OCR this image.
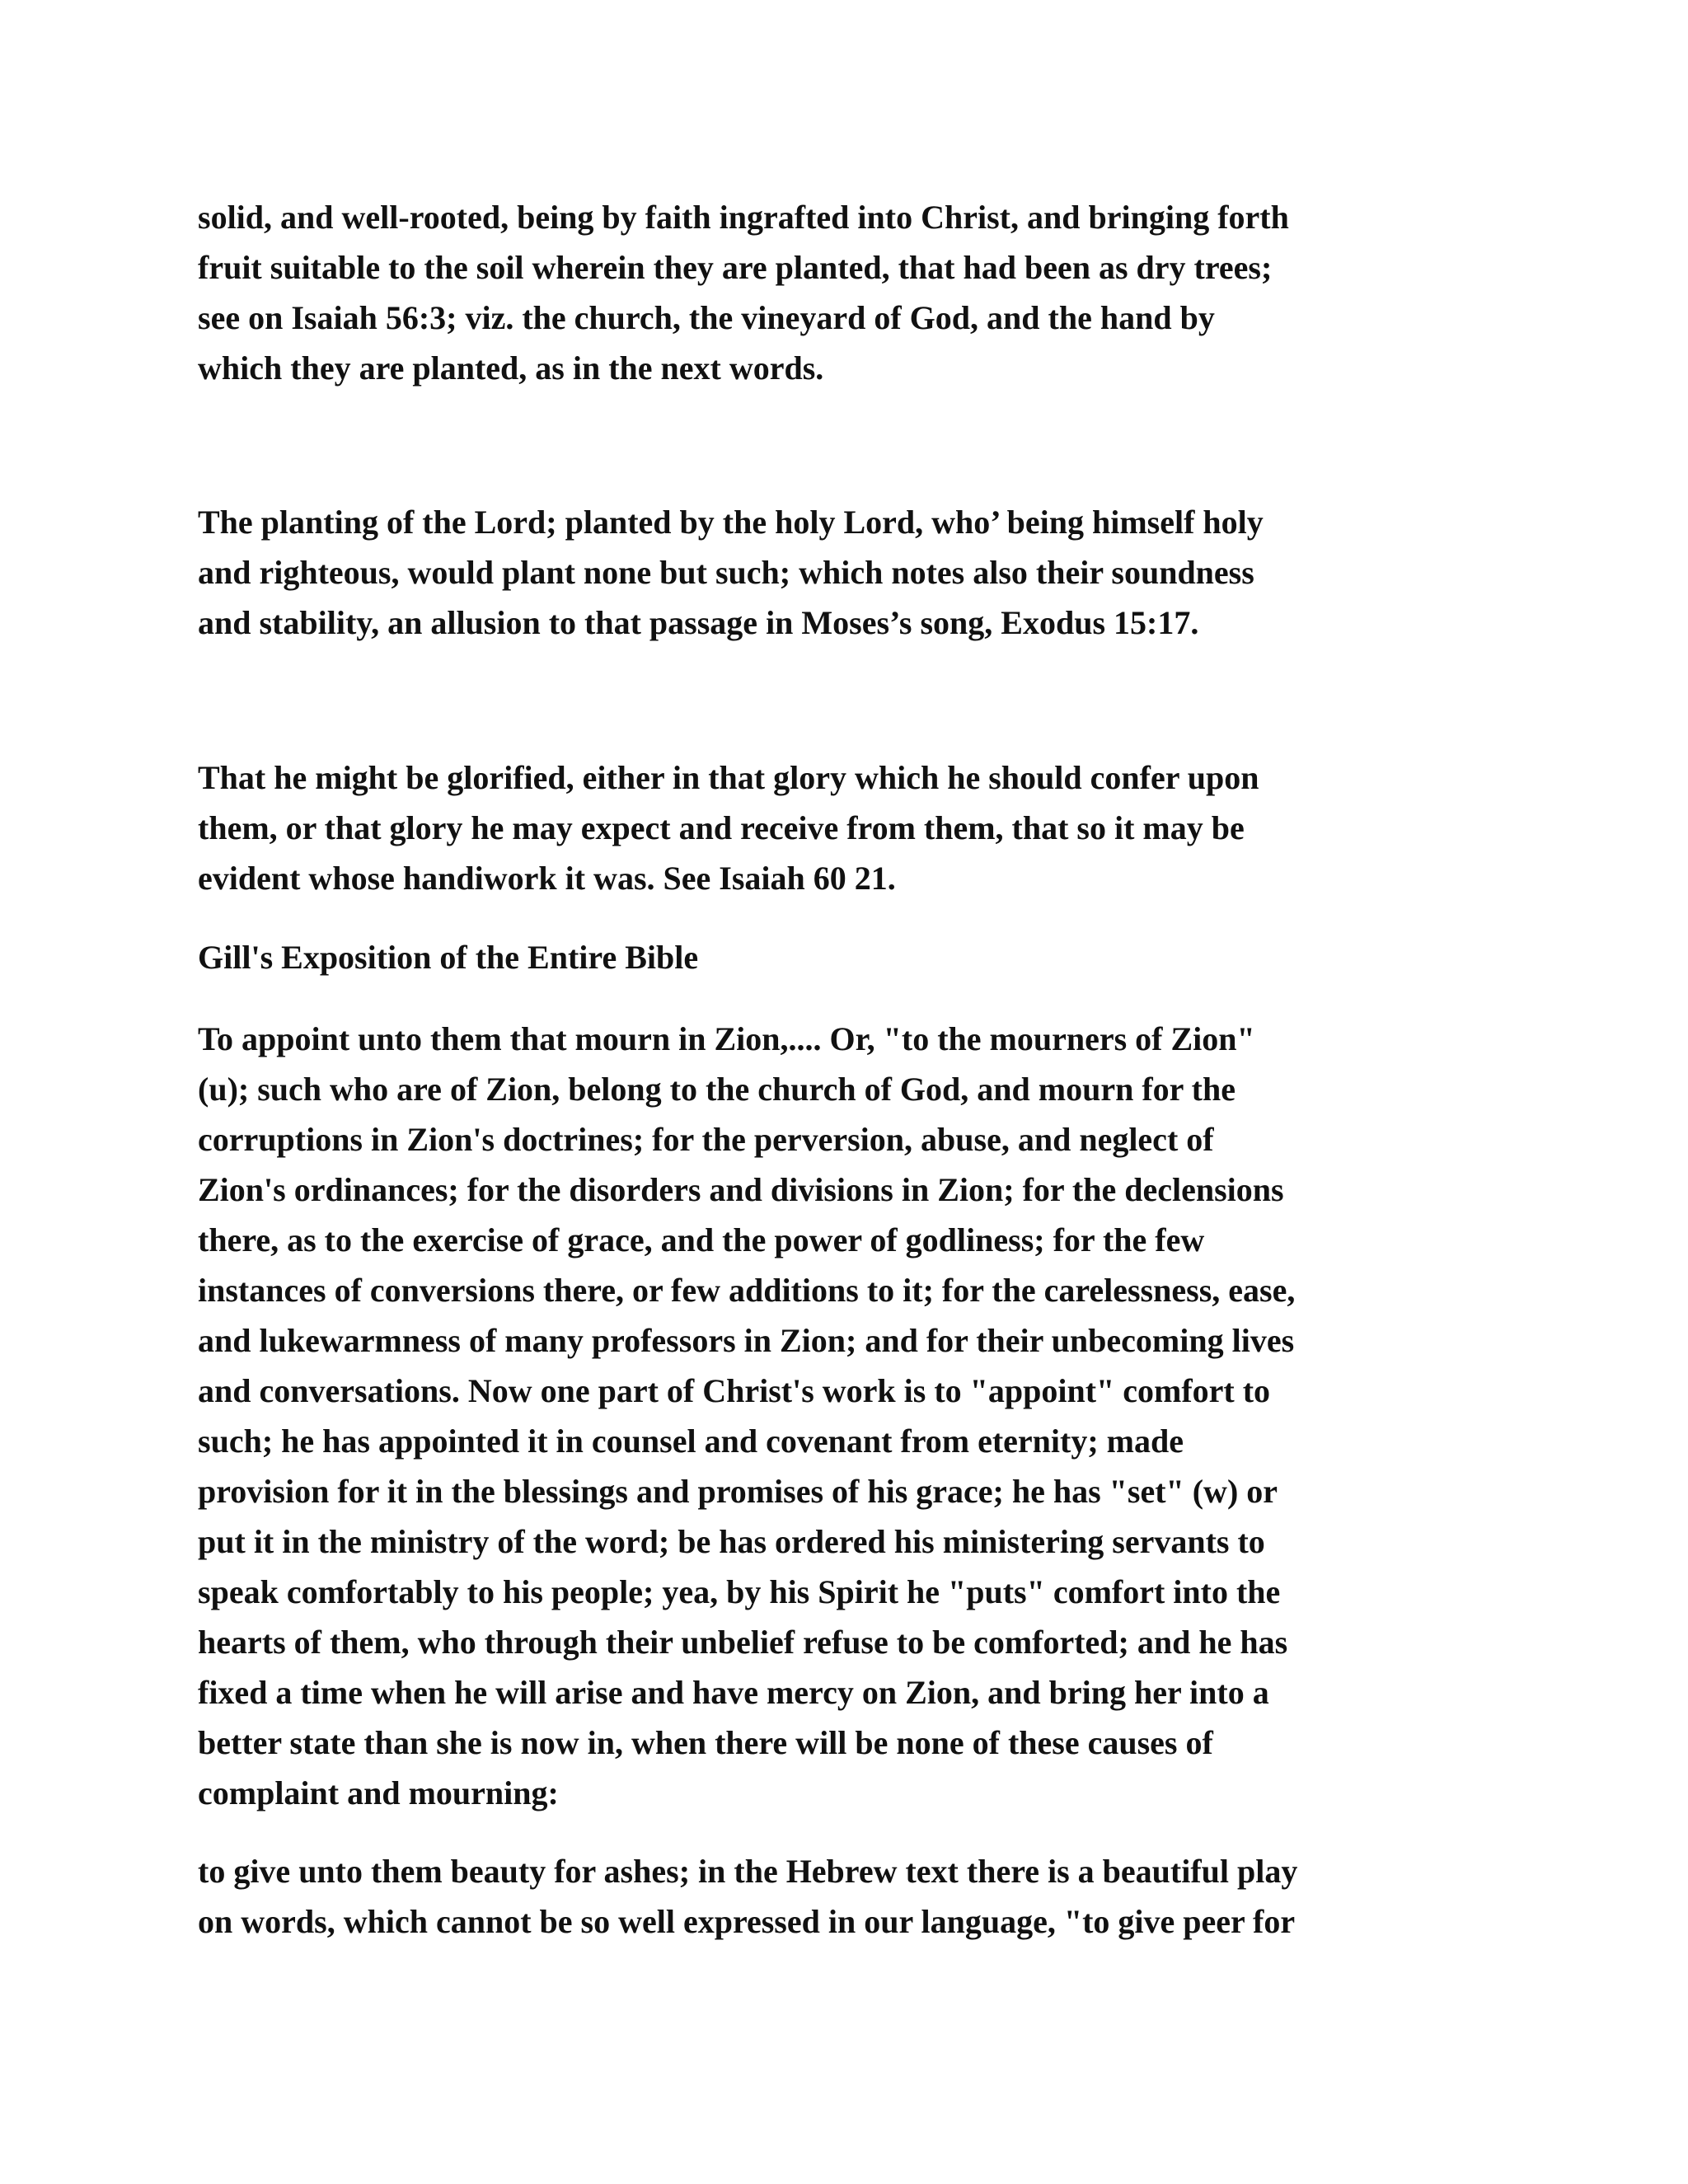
solid, and well-rooted, being by faith ingrafted into Christ, and bringing forth
fruit suitable to the soil wherein they are planted, that had been as dry trees;
see on Isaiah 56:3; viz. the church, the vineyard of God, and the hand by
which they are planted, as in the next words.
The planting of the Lord; planted by the holy Lord, who’ being himself holy
and righteous, would plant none but such; which notes also their soundness
and stability, an allusion to that passage in Moses’s song, Exodus 15:17.
That he might be glorified, either in that glory which he should confer upon
them, or that glory he may expect and receive from them, that so it may be
evident whose handiwork it was. See Isaiah 60 21.
Gill's Exposition of the Entire Bible
To appoint unto them that mourn in Zion,.... Or, "to the mourners of Zion"
(u); such who are of Zion, belong to the church of God, and mourn for the
corruptions in Zion's doctrines; for the perversion, abuse, and neglect of
Zion's ordinances; for the disorders and divisions in Zion; for the declensions
there, as to the exercise of grace, and the power of godliness; for the few
instances of conversions there, or few additions to it; for the carelessness, ease,
and lukewarmness of many professors in Zion; and for their unbecoming lives
and conversations. Now one part of Christ's work is to "appoint" comfort to
such; he has appointed it in counsel and covenant from eternity; made
provision for it in the blessings and promises of his grace; he has "set" (w) or
put it in the ministry of the word; be has ordered his ministering servants to
speak comfortably to his people; yea, by his Spirit he "puts" comfort into the
hearts of them, who through their unbelief refuse to be comforted; and he has
fixed a time when he will arise and have mercy on Zion, and bring her into a
better state than she is now in, when there will be none of these causes of
complaint and mourning:
to give unto them beauty for ashes; in the Hebrew text there is a beautiful play
on words, which cannot be so well expressed in our language, "to give peer for
